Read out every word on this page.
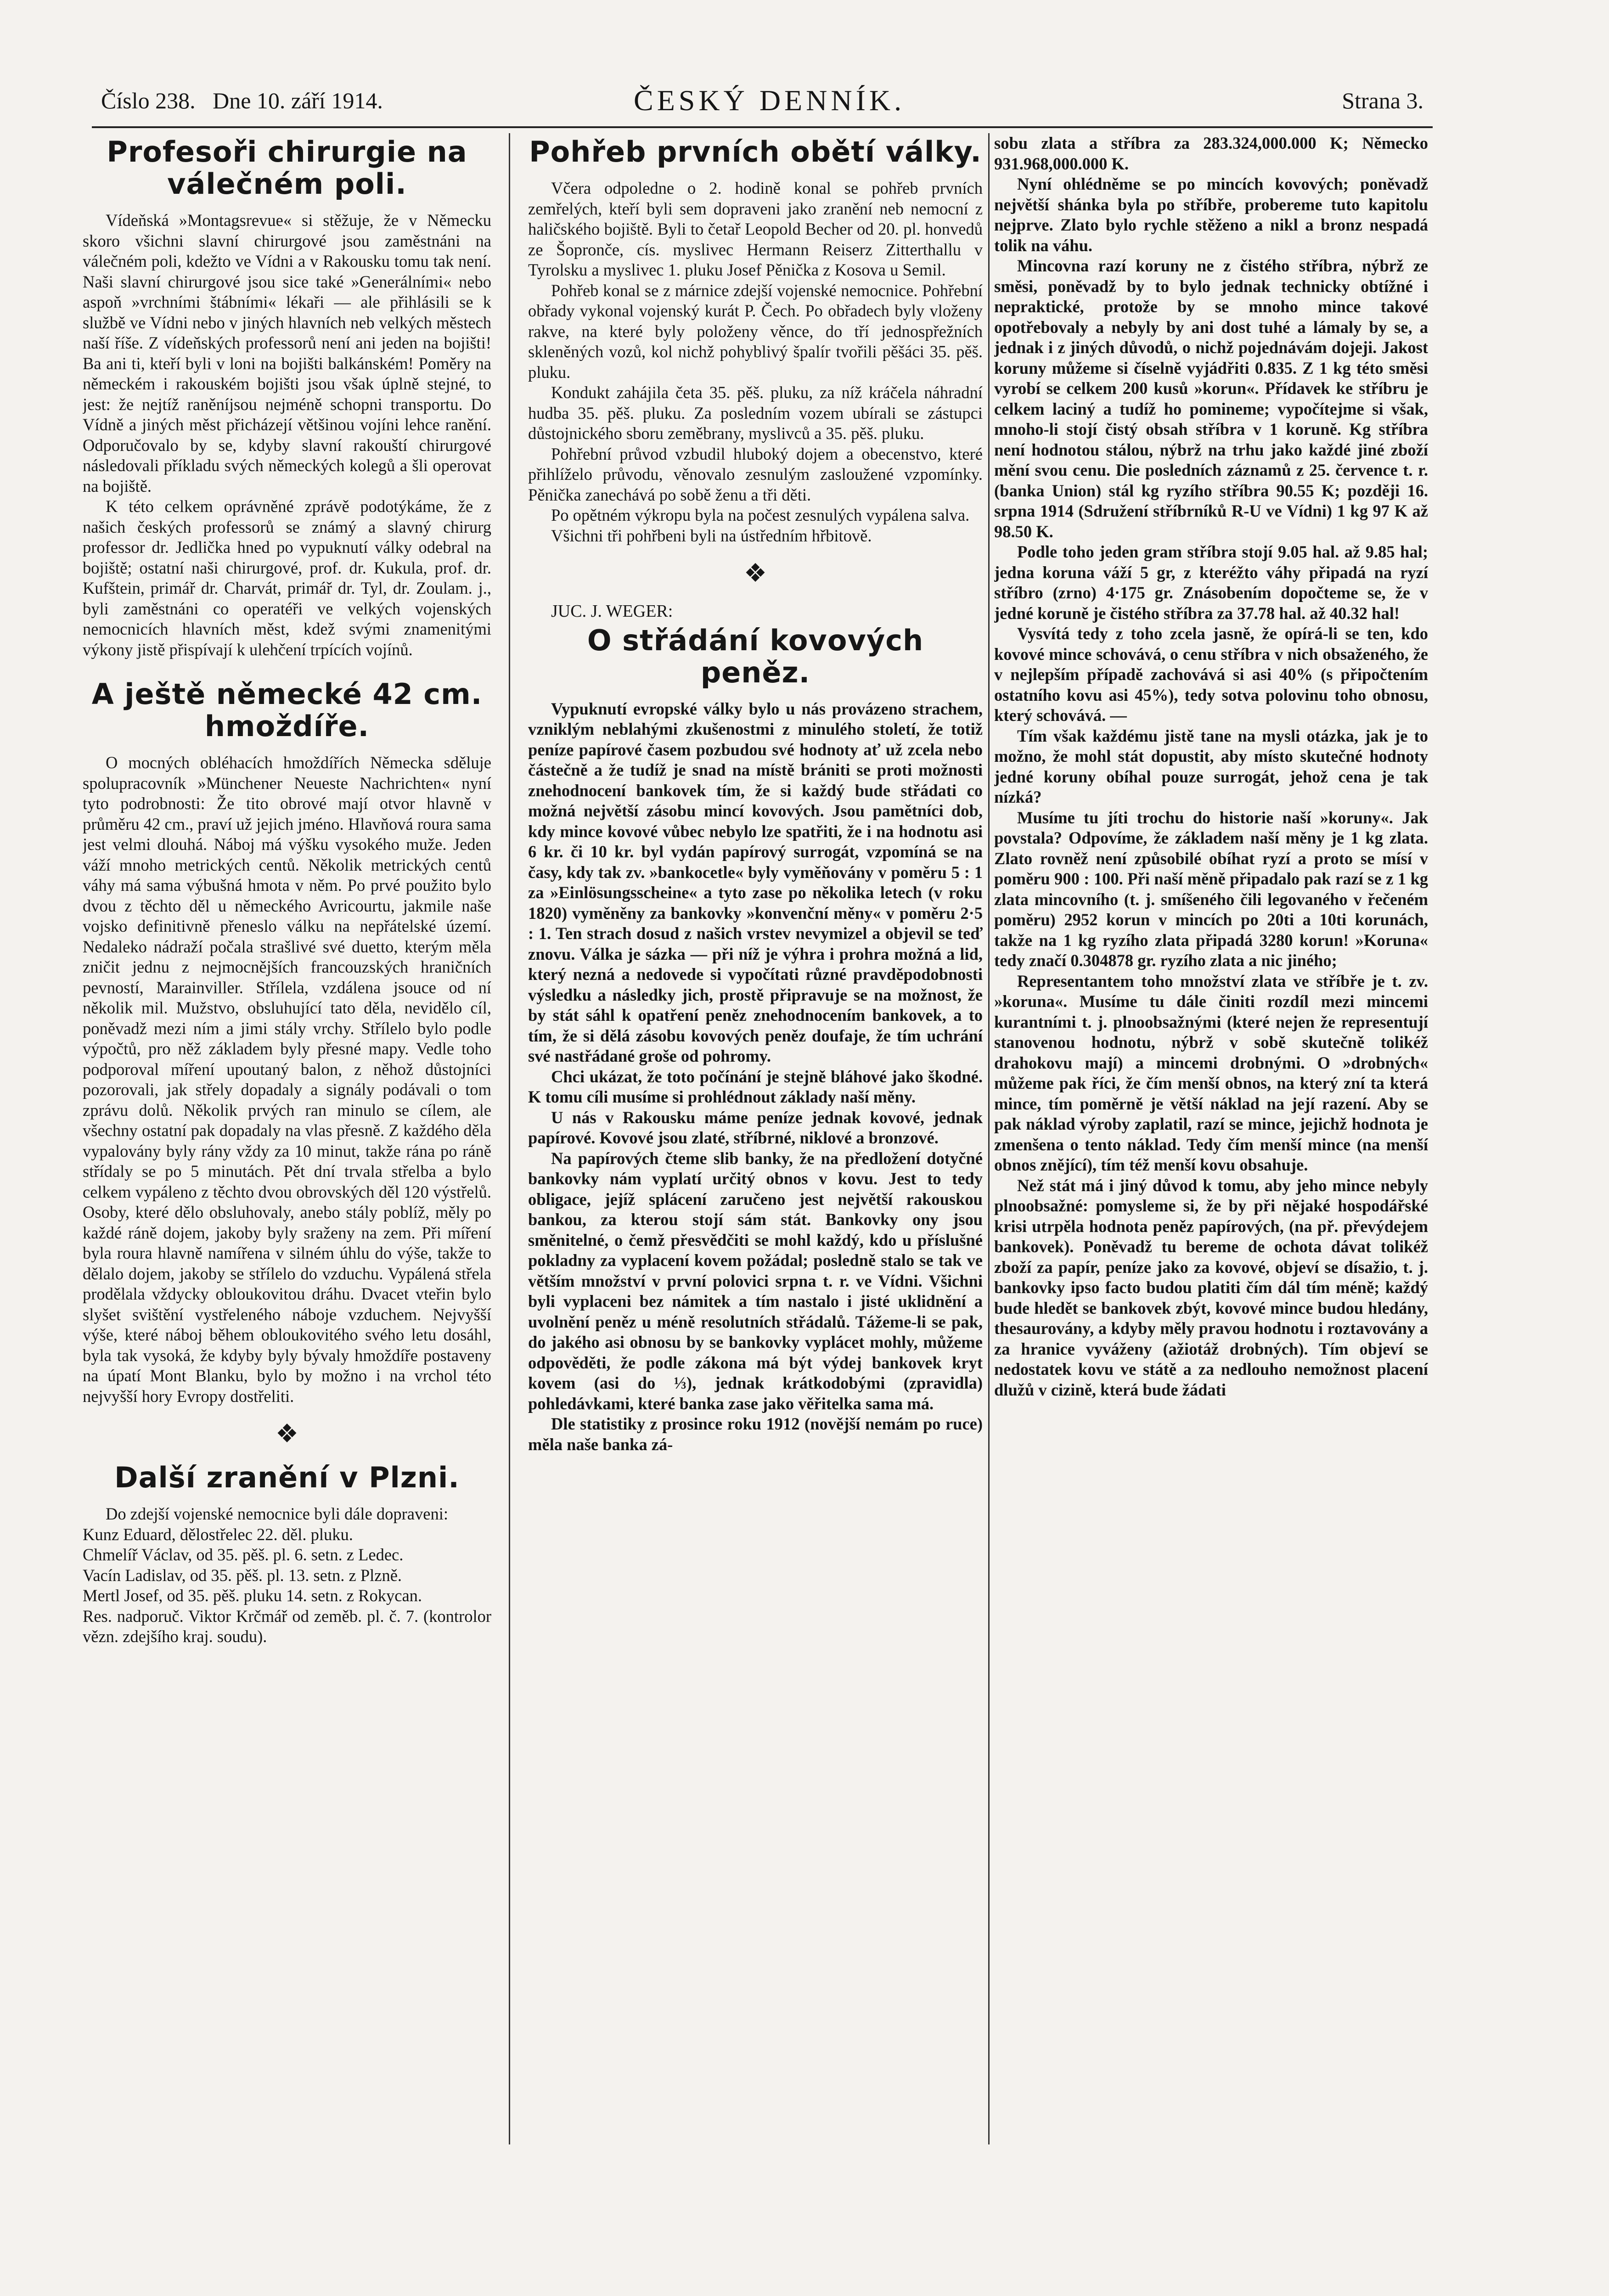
Číslo 238. Dne 10. září 1914.	ČESKÝ DENNÍK.	Strana 3.
Profesoři chirurgie na válečném poli.

Vídeňská »Montagsrevue« si stěžuje, že v Německu skoro všichni slavní chirurgové jsou zaměstnáni na válečném poli, kdežto ve Vídni a v Rakousku tomu tak není. Naši slavní chirurgové jsou sice také »Generálními« nebo aspoň »vrchními štábními« lékaři — ale přihlásili se k službě ve Vídni nebo v jiných hlavních neb velkých městech naší říše. Z vídeňských professorů není ani jeden na bojišti! Ba ani ti, kteří byli v loni na bojišti balkánském! Poměry na německém i rakouském bojišti jsou však úplně stejné, to jest: že nejtíž raněníjsou nejméně schopni transportu. Do Vídně a jiných měst přicházejí většinou vojíni lehce ranění. Odporučovalo by se, kdyby slavní rakouští chirurgové následovali příkladu svých německých kolegů a šli operovat na bojiště.

K této celkem oprávněné zprávě podotýkáme, že z našich českých professorů se známý a slavný chirurg professor dr. Jedlička hned po vypuknutí války odebral na bojiště; ostatní naši chirurgové, prof. dr. Kukula, prof. dr. Kufštein, primář dr. Charvát, primář dr. Tyl, dr. Zoulam. j., byli zaměstnáni co operatéři ve velkých vojenských nemocnicích hlavních měst, kdež svými znamenitými výkony jistě přispívají k ulehčení trpících vojínů.

A ještě německé 42 cm. hmoždíře.

O mocných obléhacích hmoždířích Německa sděluje spolupracovník »Münchener Neueste Nachrichten« nyní tyto podrobnosti: Že tito obrové mají otvor hlavně v průměru 42 cm., praví už jejich jméno. Hlavňová roura sama jest velmi dlouhá. Náboj má výšku vysokého muže. Jeden váží mnoho metrických centů. Několik metrických centů váhy má sama výbušná hmota v něm. Po prvé použito bylo dvou z těchto děl u německého Avricourtu, jakmile naše vojsko definitivně přeneslo válku na nepřátelské území. Nedaleko nádraží počala strašlivé své duetto, kterým měla zničit jednu z nejmocnějších francouzských hraničních pevností, Marainviller. Střílela, vzdálena jsouce od ní několik mil. Mužstvo, obsluhující tato děla, nevidělo cíl, poněvadž mezi ním a jimi stály vrchy. Střílelo bylo podle výpočtů, pro něž základem byly přesné mapy. Vedle toho podporoval míření upoutaný balon, z něhož důstojníci pozorovali, jak střely dopadaly a signály podávali o tom zprávu dolů. Několik prvých ran minulo se cílem, ale všechny ostatní pak dopadaly na vlas přesně. Z každého děla vypalovány byly rány vždy za 10 minut, takže rána po ráně střídaly se po 5 minutách. Pět dní trvala střelba a bylo celkem vypáleno z těchto dvou obrovských děl 120 výstřelů. Osoby, které dělo obsluhovaly, anebo stály poblíž, měly po každé ráně dojem, jakoby byly sraženy na zem. Při míření byla roura hlavně namířena v silném úhlu do výše, takže to dělalo dojem, jakoby se střílelo do vzduchu. Vypálená střela prodělala vždycky obloukovitou dráhu. Dvacet vteřin bylo slyšet svištění vystřeleného náboje vzduchem. Nejvyšší výše, které náboj během obloukovitého svého letu dosáhl, byla tak vysoká, že kdyby byly bývaly hmoždíře postaveny na úpatí Mont Blanku, bylo by možno i na vrchol této nejvyšší hory Evropy dostřeliti.

❖
Další zranění v Plzni.

Do zdejší vojenské nemocnice byli dále dopraveni:

Kunz Eduard, dělostřelec 22. děl. pluku.

Chmelíř Václav, od 35. pěš. pl. 6. setn. z Ledec.

Vacín Ladislav, od 35. pěš. pl. 13. setn. z Plzně.

Mertl Josef, od 35. pěš. pluku 14. setn. z Rokycan.

Res. nadporuč. Viktor Krčmář od zeměb. pl. č. 7. (kontrolor vězn. zdejšího kraj. soudu).

Pohřeb prvních obětí války.

Včera odpoledne o 2. hodině konal se pohřeb prvních zemřelých, kteří byli sem dopraveni jako zranění neb nemocní z haličského bojiště. Byli to četař Leopold Becher od 20. pl. honvedů ze Šopronče, cís. myslivec Hermann Reiserz Zitterthallu v Tyrolsku a myslivec 1. pluku Josef Pěnička z Kosova u Semil.

Pohřeb konal se z márnice zdejší vojenské nemocnice. Pohřební obřady vykonal vojenský kurát P. Čech. Po obřadech byly vloženy rakve, na které byly položeny věnce, do tří jednospřežních skleněných vozů, kol nichž pohyblivý špalír tvořili pěšáci 35. pěš. pluku.

Kondukt zahájila četa 35. pěš. pluku, za níž kráčela náhradní hudba 35. pěš. pluku. Za posledním vozem ubírali se zástupci důstojnického sboru zeměbrany, myslivců a 35. pěš. pluku.

Pohřební průvod vzbudil hluboký dojem a obecenstvo, které přihlíželo průvodu, věnovalo zesnulým zasloužené vzpomínky. Pěnička zanechává po sobě ženu a tři děti.

Po opětném výkropu byla na počest zesnulých vypálena salva.

Všichni tři pohřbeni byli na ústředním hřbitově.

❖

JUC. J. WEGER:

O střádání kovových peněz.

Vypuknutí evropské války bylo u nás provázeno strachem, vzniklým neblahými zkušenostmi z minulého století, že totiž peníze papírové časem pozbudou své hodnoty ať už zcela nebo částečně a že tudíž je snad na místě brániti se proti možnosti znehodnocení bankovek tím, že si každý bude střádati co možná největší zásobu mincí kovových. Jsou pamětníci dob, kdy mince kovové vůbec nebylo lze spatřiti, že i na hodnotu asi 6 kr. či 10 kr. byl vydán papírový surrogát, vzpomíná se na časy, kdy tak zv. »bankocetle« byly vyměňovány v poměru 5 : 1 za »Einlösungsscheine« a tyto zase po několika letech (v roku 1820) vyměněny za bankovky »konvenční měny« v poměru 2·5 : 1. Ten strach dosud z našich vrstev nevymizel a objevil se teď znovu. Válka je sázka — při níž je výhra i prohra možná a lid, který nezná a nedovede si vypočítati různé pravděpodobnosti výsledku a následky jich, prostě připravuje se na možnost, že by stát sáhl k opatření peněz znehodnocením bankovek, a to tím, že si dělá zásobu kovových peněz doufaje, že tím uchrání své nastřádané groše od pohromy.

Chci ukázat, že toto počínání je stejně bláhové jako škodné. K tomu cíli musíme si prohlédnout základy naší měny.

U nás v Rakousku máme peníze jednak kovové, jednak papírové. Kovové jsou zlaté, stříbrné, niklové a bronzové.

Na papírových čteme slib banky, že na předložení dotyčné bankovky nám vyplatí určitý obnos v kovu. Jest to tedy obligace, jejíž splácení zaručeno jest největší rakouskou bankou, za kterou stojí sám stát. Bankovky ony jsou směnitelné, o čemž přesvědčiti se mohl každý, kdo u příslušné pokladny za vyplacení kovem požádal; posledně stalo se tak ve větším množství v první polovici srpna t. r. ve Vídni. Všichni byli vyplaceni bez námitek a tím nastalo i jisté uklidnění a uvolnění peněz u méně resolutních střádalů. Tážeme-li se pak, do jakého asi obnosu by se bankovky vyplácet mohly, můžeme odpověděti, že podle zákona má být výdej bankovek kryt kovem (asi do ⅓), jednak krátkodobými (zpravidla) pohledávkami, které banka zase jako věřitelka sama má.

Dle statistiky z prosince roku 1912 (novější nemám po ruce) měla naše banka zá-

sobu zlata a stříbra za 283.324,000.000 K; Německo 931.968,000.000 K.

Nyní ohlédněme se po mincích kovových; poněvadž největší shánka byla po stříbře, probereme tuto kapitolu nejprve. Zlato bylo rychle stěženo a nikl a bronz nespadá tolik na váhu.

Mincovna razí koruny ne z čistého stříbra, nýbrž ze směsi, poněvadž by to bylo jednak technicky obtížné i nepraktické, protože by se mnoho mince takové opotřebovaly a nebyly by ani dost tuhé a lámaly by se, a jednak i z jiných důvodů, o nichž pojednávám dojeji. Jakost koruny můžeme si číselně vyjádřiti 0.835. Z 1 kg této směsi vyrobí se celkem 200 kusů »korun«. Přídavek ke stříbru je celkem laciný a tudíž ho pomineme; vypočítejme si však, mnoho-li stojí čistý obsah stříbra v 1 koruně. Kg stříbra není hodnotou stálou, nýbrž na trhu jako každé jiné zboží mění svou cenu. Die posledních záznamů z 25. července t. r. (banka Union) stál kg ryzího stříbra 90.55 K; později 16. srpna 1914 (Sdružení stříbrníků R-U ve Vídni) 1 kg 97 K až 98.50 K.

Podle toho jeden gram stříbra stojí 9.05 hal. až 9.85 hal; jedna koruna váží 5 gr, z kteréžto váhy připadá na ryzí stříbro (zrno) 4·175 gr. Znásobením dopočteme se, že v jedné koruně je čistého stříbra za 37.78 hal. až 40.32 hal!

Vysvítá tedy z toho zcela jasně, že opírá-li se ten, kdo kovové mince schovává, o cenu stříbra v nich obsaženého, že v nejlepším případě zachovává si asi 40% (s připočtením ostatního kovu asi 45%), tedy sotva polovinu toho obnosu, který schovává. —

Tím však každému jistě tane na mysli otázka, jak je to možno, že mohl stát dopustit, aby místo skutečné hodnoty jedné koruny obíhal pouze surrogát, jehož cena je tak nízká?

Musíme tu jíti trochu do historie naší »koruny«. Jak povstala? Odpovíme, že základem naší měny je 1 kg zlata. Zlato rovněž není způsobilé obíhat ryzí a proto se mísí v poměru 900 : 100. Při naší měně připadalo pak razí se z 1 kg zlata mincovního (t. j. smíšeného čili legovaného v řečeném poměru) 2952 korun v mincích po 20ti a 10ti korunách, takže na 1 kg ryzího zlata připadá 3280 korun! »Koruna« tedy značí 0.304878 gr. ryzího zlata a nic jiného;

Representantem toho množství zlata ve stříbře je t. zv. »koruna«. Musíme tu dále činiti rozdíl mezi mincemi kurantními t. j. plnoobsažnými (které nejen že representují stanovenou hodnotu, nýbrž v sobě skutečně tolikéž drahokovu mají) a mincemi drobnými. O »drobných« můžeme pak říci, že čím menší obnos, na který zní ta která mince, tím poměrně je větší náklad na její razení. Aby se pak náklad výroby zaplatil, razí se mince, jejichž hodnota je zmenšena o tento náklad. Tedy čím menší mince (na menší obnos znějící), tím též menší kovu obsahuje.

Než stát má i jiný důvod k tomu, aby jeho mince nebyly plnoobsažné: pomysleme si, že by při nějaké hospodářské krisi utrpěla hodnota peněz papírových, (na př. převýdejem bankovek). Poněvadž tu bereme de ochota dávat tolikéž zboží za papír, peníze jako za kovové, objeví se dísažio, t. j. bankovky ipso facto budou platiti čím dál tím méně; každý bude hledět se bankovek zbýt, kovové mince budou hledány, thesaurovány, a kdyby měly pravou hodnotu i roztavovány a za hranice vyváženy (ažiotáž drobných). Tím objeví se nedostatek kovu ve státě a za nedlouho nemožnost placení dlužů v cizině, která bude žádati
